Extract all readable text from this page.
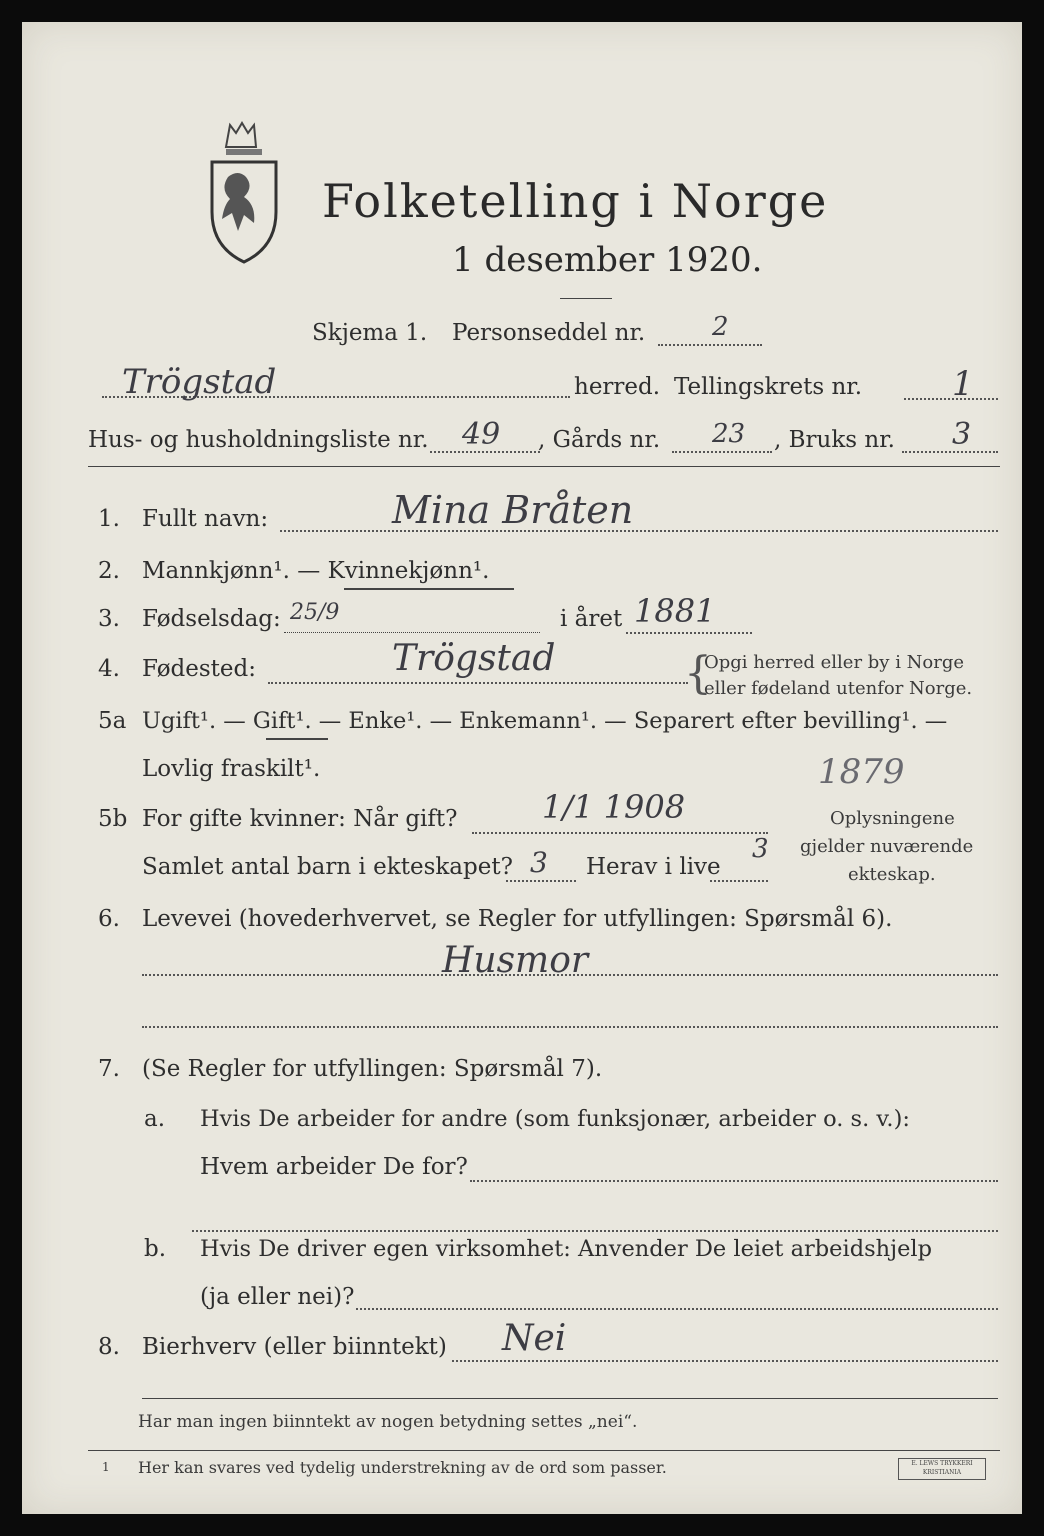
Folketelling i Norge
1 desember 1920.
Skjema 1. Personseddel nr.	2
Trögstad	herred. Tellingskrets nr.	1
Hus- og husholdningsliste nr. 49 , Gårds nr. 23 , Bruks nr. 3
1. Fullt navn:	Mina Bråten
2. Mannkjønn¹. — Kvinnekjønn¹.
3. Fødselsdag: 25/9	i året 1881
4. Fødested:	Trögstad	{
Opgi herred eller by i Norge
eller fødeland utenfor Norge.
5a Ugift¹. — Gift¹. — Enke¹. — Enkemann¹. — Separert efter bevilling¹. —
Lovlig fraskilt¹.	1879
5b For gifte kvinner: Når gift?	1/1 1908
Samlet antal barn i ekteskapet? 3 Herav i live
3
Oplysningene
gjelder nuværende
ekteskap.
6. Levevei (hovederhvervet, se Regler for utfyllingen: Spørsmål 6).
Husmor
7. (Se Regler for utfyllingen: Spørsmål 7).
a. Hvis De arbeider for andre (som funksjonær, arbeider o. s. v.):
Hvem arbeider De for?
b. Hvis De driver egen virksomhet: Anvender De leiet arbeidshjelp
(ja eller nei)?
8. Bierhverv (eller biinntekt) Nei
Har man ingen biinntekt av nogen betydning settes „nei“.
1 Her kan svares ved tydelig understrekning av de ord som passer.	E. LEWS TRYKKERI KRISTIANIA
